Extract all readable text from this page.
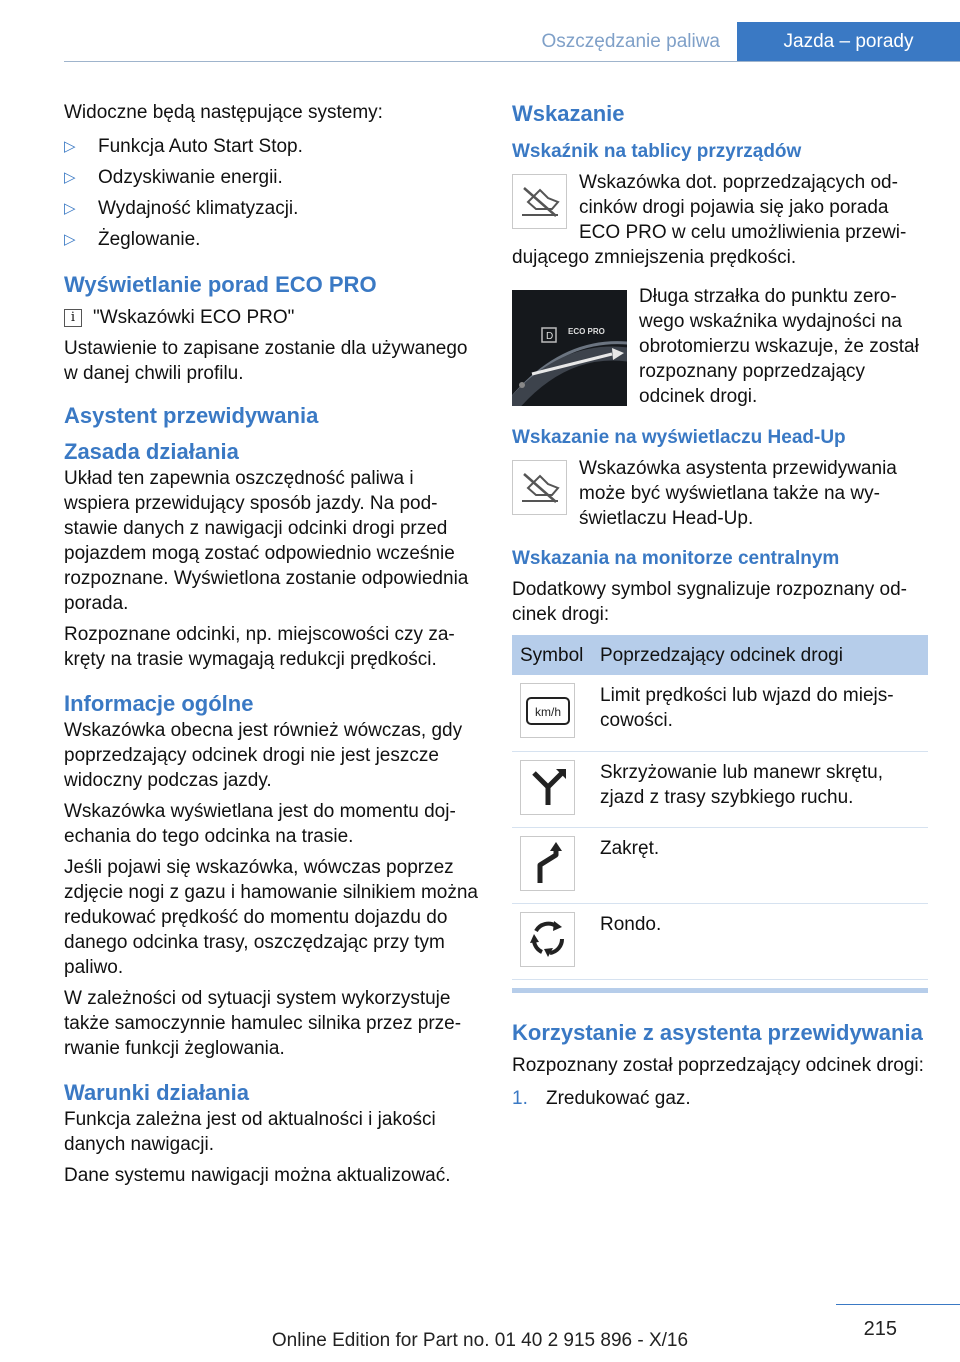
Oszczędzanie paliwa	Jazda – porady

Widoczne będą następujące systemy:

▷	Funkcja Auto Start Stop.
▷	Odzyskiwanie energii.
▷	Wydajność klimatyzacji.
▷	Żeglowanie.
Wyświetlanie porad ECO PRO
i "Wskazówki ECO PRO"

Ustawienie to zapisane zostanie dla używanego w danej chwili profilu.

Asystent przewidywania
Zasada działania

Układ ten zapewnia oszczędność paliwa i wspiera przewidujący sposób jazdy. Na podstawie danych z nawigacji odcinki drogi przed pojazdem mogą zostać odpowiednio wcześnie rozpoznane. Wyświetlona zostanie odpowiednia porada.

Rozpoznane odcinki, np. miejscowości czy zakręty na trasie wymagają redukcji prędkości.

Informacje ogólne

Wskazówka obecna jest również wówczas, gdy poprzedzający odcinek drogi nie jest jeszcze widoczny podczas jazdy.

Wskazówka wyświetlana jest do momentu dojechania do tego odcinka na trasie.

Jeśli pojawi się wskazówka, wówczas poprzez zdjęcie nogi z gazu i hamowanie silnikiem można redukować prędkość do momentu dojazdu do danego odcinka trasy, oszczędzając przy tym paliwo.

W zależności od sytuacji system wykorzystuje także samoczynnie hamulec silnika przez przerwanie funkcji żeglowania.

Warunki działania

Funkcja zależna jest od aktualności i jakości danych nawigacji.

Dane systemu nawigacji można aktualizować.

Wskazanie
Wskaźnik na tablicy przyrządów

Wskazówka dot. poprzedzających odcinków drogi pojawia się jako porada ECO PRO w celu umożliwienia przewidującego zmniejszenia prędkości.

D ECO PRO

Długa strzałka do punktu zerowego wskaźnika wydajności na obrotomierzu wskazuje, że został rozpoznany poprzedzający odcinek drogi.

Wskazanie na wyświetlaczu Head-Up

Wskazówka asystenta przewidywania może być wyświetlana także na wyświetlaczu Head-Up.

Wskazania na monitorze centralnym

Dodatkowy symbol sygnalizuje rozpoznany odcinek drogi:

Symbol	Poprzedzający odcinek drogi

km/h	Limit prędkości lub wjazd do miejscowości.

	Skrzyżowanie lub manewr skrętu, zjazd z trasy szybkiego ruchu.

	Zakręt.

	Rondo.
Korzystanie z asystenta przewidywania

Rozpoznany został poprzedzający odcinek drogi:

1. Zredukować gaz.
215
Online Edition for Part no. 01 40 2 915 896 - X/16
